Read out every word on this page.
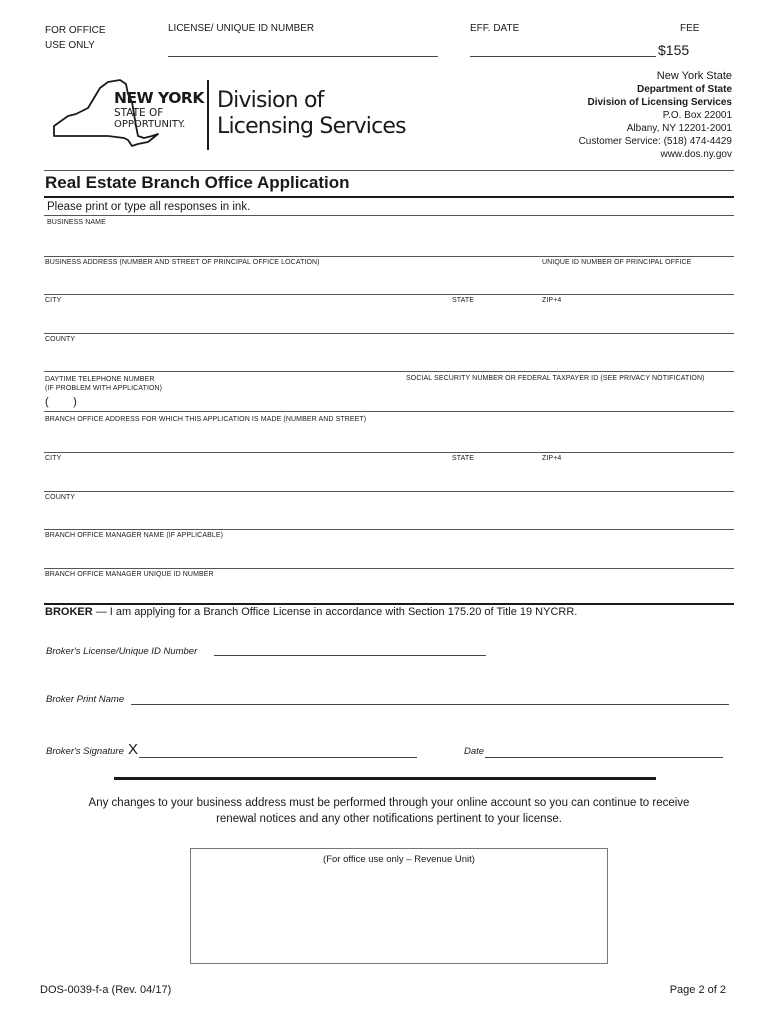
FOR OFFICE
USE ONLY
LICENSE/ UNIQUE ID NUMBER	EFF. DATE	FEE
$155
NEW YORK
STATE OF
OPPORTUNITY.
Division of
Licensing Services
New York State
Department of State
Division of Licensing Services
P.O. Box 22001
Albany, NY 12201-2001
Customer Service: (518) 474-4429
www.dos.ny.gov
Real Estate Branch Office Application
Please print or type all responses in ink.
BUSINESS NAME
BUSINESS ADDRESS (NUMBER AND STREET OF PRINCIPAL OFFICE LOCATION)	UNIQUE ID NUMBER OF PRINCIPAL OFFICE
CITY	STATE	ZIP+4
COUNTY
DAYTIME TELEPHONE NUMBER
(IF PROBLEM WITH APPLICATION)
(        )
SOCIAL SECURITY NUMBER OR FEDERAL TAXPAYER ID (SEE PRIVACY NOTIFICATION)
BRANCH OFFICE ADDRESS FOR WHICH THIS APPLICATION IS MADE (NUMBER AND STREET)
CITY	STATE	ZIP+4
COUNTY
BRANCH OFFICE MANAGER NAME (IF APPLICABLE)
BRANCH OFFICE MANAGER UNIQUE ID NUMBER
BROKER — I am applying for a Branch Office License in accordance with Section 175.20 of Title 19 NYCRR.
Broker's License/Unique ID Number
Broker Print Name
Broker's Signature X	Date
Any changes to your business address must be performed through your online account so you can continue to receive
renewal notices and any other notifications pertinent to your license.
(For office use only – Revenue Unit)
DOS-0039-f-a (Rev. 04/17)	Page 2 of 2
